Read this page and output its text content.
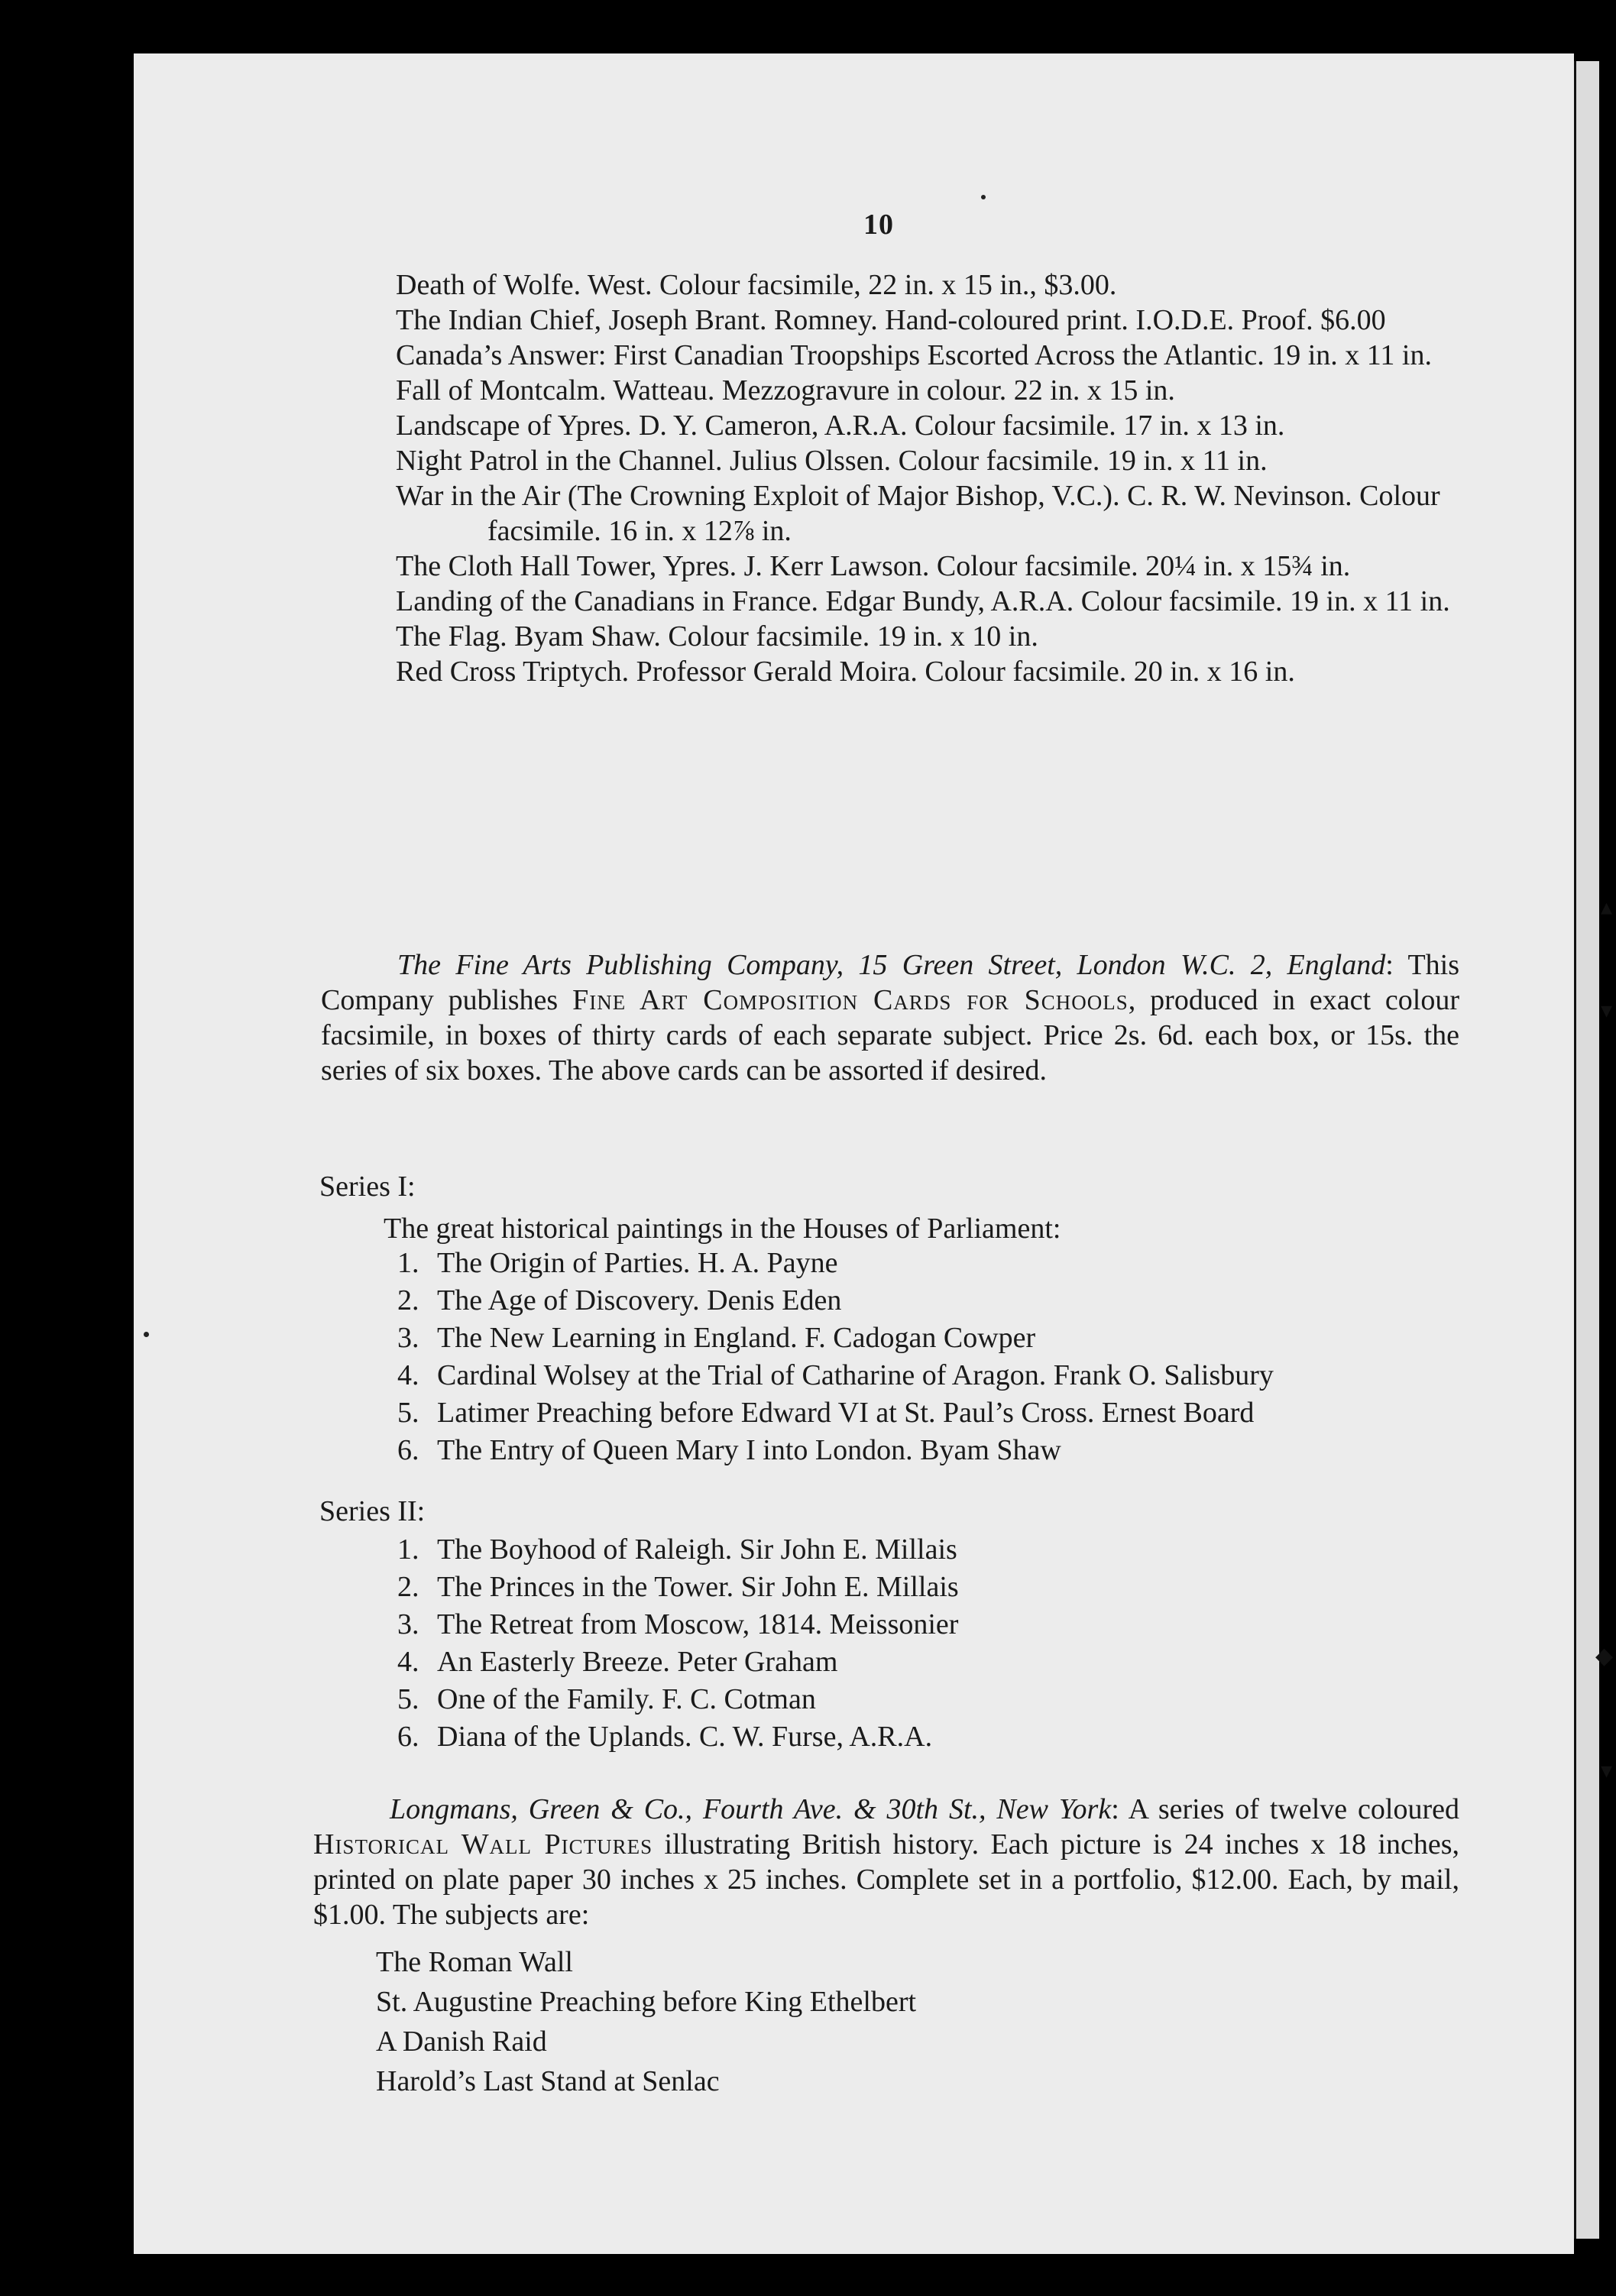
10

Death of Wolfe. West. Colour facsimile, 22 in. x 15 in., $3.00.

The Indian Chief, Joseph Brant. Romney. Hand-coloured print. I.O.D.E. Proof. $6.00

Canada’s Answer: First Canadian Troopships Escorted Across the Atlantic. 19 in. x 11 in.

Fall of Montcalm. Watteau. Mezzogravure in colour. 22 in. x 15 in.

Landscape of Ypres. D. Y. Cameron, A.R.A. Colour facsimile. 17 in. x 13 in.

Night Patrol in the Channel. Julius Olssen. Colour facsimile. 19 in. x 11 in.

War in the Air (The Crowning Exploit of Major Bishop, V.C.). C. R. W. Nevinson. Colour facsimile. 16 in. x 12⅞ in.

The Cloth Hall Tower, Ypres. J. Kerr Lawson. Colour facsimile. 20¼ in. x 15¾ in.

Landing of the Canadians in France. Edgar Bundy, A.R.A. Colour facsimile. 19 in. x 11 in.

The Flag. Byam Shaw. Colour facsimile. 19 in. x 10 in.

Red Cross Triptych. Professor Gerald Moira. Colour facsimile. 20 in. x 16 in.

The Fine Arts Publishing Company, 15 Green Street, London W.C. 2, England: This Company publishes Fine Art Composition Cards for Schools, produced in exact colour facsimile, in boxes of thirty cards of each separate subject. Price 2s. 6d. each box, or 15s. the series of six boxes. The above cards can be assorted if desired.

Series I:
The great historical paintings in the Houses of Parliament:

1. The Origin of Parties. H. A. Payne

2. The Age of Discovery. Denis Eden

3. The New Learning in England. F. Cadogan Cowper

4. Cardinal Wolsey at the Trial of Catharine of Aragon. Frank O. Salisbury

5. Latimer Preaching before Edward VI at St. Paul’s Cross. Ernest Board

6. The Entry of Queen Mary I into London. Byam Shaw

Series II:

1. The Boyhood of Raleigh. Sir John E. Millais

2. The Princes in the Tower. Sir John E. Millais

3. The Retreat from Moscow, 1814. Meissonier

4. An Easterly Breeze. Peter Graham

5. One of the Family. F. C. Cotman

6. Diana of the Uplands. C. W. Furse, A.R.A.

Longmans, Green & Co., Fourth Ave. & 30th St., New York: A series of twelve coloured Historical Wall Pictures illustrating British history. Each picture is 24 inches x 18 inches, printed on plate paper 30 inches x 25 inches. Complete set in a portfolio, $12.00. Each, by mail, $1.00. The subjects are:

The Roman Wall

St. Augustine Preaching before King Ethelbert

A Danish Raid

Harold’s Last Stand at Senlac

▴
▾
◆
▾
